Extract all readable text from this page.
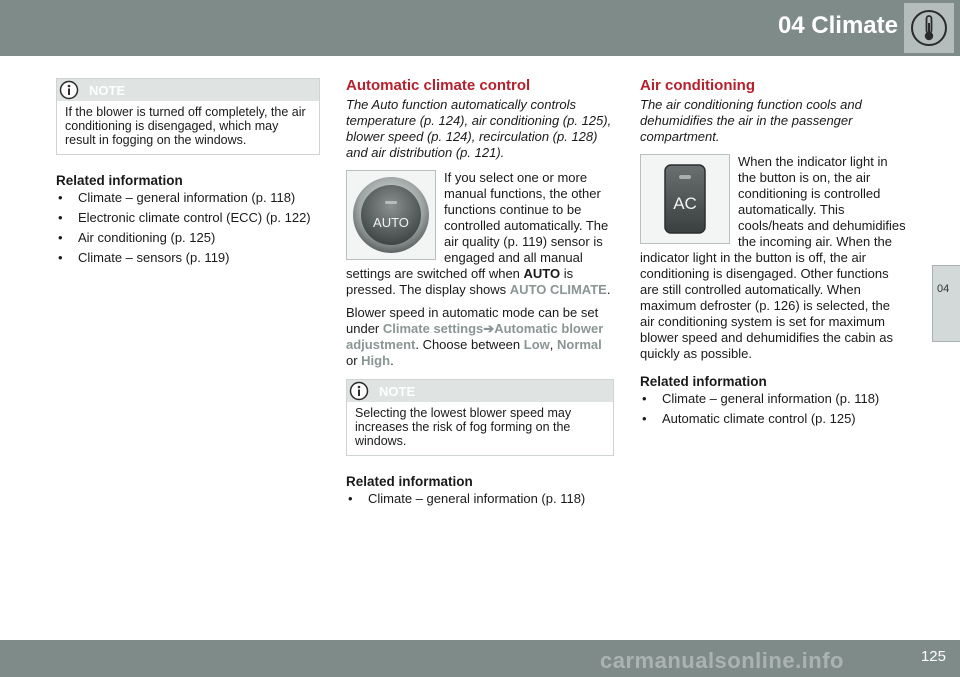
04 Climate
04
NOTE
If the blower is turned off completely, the air conditioning is disengaged, which may result in fogging on the windows.
Related information
• Climate – general information (p. 118)
• Electronic climate control (ECC) (p. 122)
• Air conditioning (p. 125)
• Climate – sensors (p. 119)
Automatic climate control

The Auto function automatically controls temperature (p. 124), air conditioning (p. 125), blower speed (p. 124), recirculation (p. 128) and air distribution (p. 121).

AUTO
If you select one or more manual functions, the other functions continue to be controlled automatically. The air quality (p. 119) sensor is engaged and all manual settings are switched off when AUTO is pressed. The display shows AUTO CLIMATE.

Blower speed in automatic mode can be set under Climate settings➔Automatic blower adjustment. Choose between Low, Normal or High.

NOTE
Selecting the lowest blower speed may increases the risk of fog forming on the windows.
Related information
• Climate – general information (p. 118)
Air conditioning

The air conditioning function cools and dehumidifies the air in the passenger compartment.

AC
When the indicator light in the button is on, the air conditioning is controlled automatically. This cools/heats and dehumidifies the incoming air. When the indicator light in the button is off, the air conditioning is disengaged. Other functions are still controlled automatically. When maximum defroster (p. 126) is selected, the air conditioning system is set for maximum blower speed and dehumidifies the cabin as quickly as possible.
Related information
• Climate – general information (p. 118)
• Automatic climate control (p. 125)
125
carmanualsonline.info
